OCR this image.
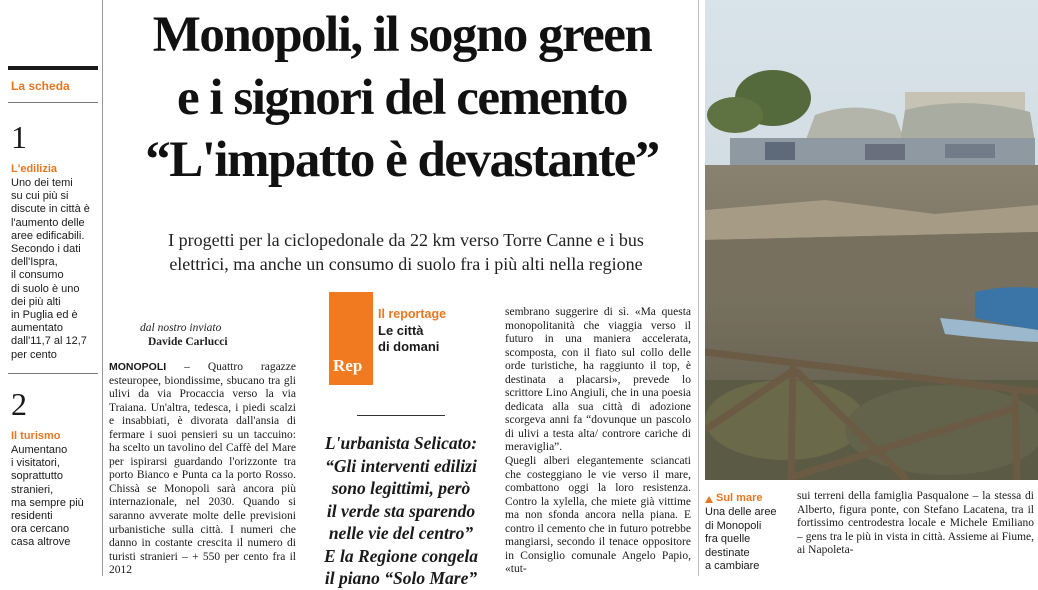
La scheda
1
L'edilizia
Uno dei temi
su cui più si
discute in città è
l'aumento delle
aree edificabili.
Secondo i dati
dell'Ispra,
il consumo
di suolo è uno
dei più alti
in Puglia ed è
aumentato
dall'11,7 al 12,7
per cento
2
Il turismo
Aumentano
i visitatori,
soprattutto
stranieri,
ma sempre più
residenti
ora cercano
casa altrove
Monopoli, il sogno green
e i signori del cemento
“L'impatto è devastante”
I progetti per la ciclopedonale da 22 km verso Torre Canne e i bus
elettrici, ma anche un consumo di suolo fra i più alti nella regione
dal nostro inviato
Davide Carlucci
MONOPOLI – Quattro ragazze esteuropee, biondissime, sbucano tra gli ulivi da via Procaccia verso la via Traiana. Un'altra, tedesca, i piedi scalzi e insabbiati, è divorata dall'ansia di fermare i suoi pensieri su un taccuino: ha scelto un tavolino del Caffè del Mare per ispirarsi guardando l'orizzonte tra porto Bianco e Punta ca la porto Rosso. Chissà se Monopoli sarà ancora più internazionale, nel 2030. Quando si saranno avverate molte delle previsioni urbanistiche sulla città. I numeri che danno in costante crescita il numero di turisti stranieri – + 550 per cento fra il 2012
Rep
Il reportage
Le città
di domani
L'urbanista Selicato:
“Gli interventi edilizi
sono legittimi, però
il verde sta sparendo
nelle vie del centro”
E la Regione congela
il piano “Solo Mare”
sembrano suggerire di sì. «Ma questa monopolitanità che viaggia verso il futuro in una maniera accelerata, scomposta, con il fiato sul collo delle orde turistiche, ha raggiunto il top, è destinata a placarsi», prevede lo scrittore Lino Angiuli, che in una poesia dedicata alla sua città di adozione scorgeva anni fa “dovunque un pascolo di ulivi a testa alta/ controre cariche di meraviglia”.
Quegli alberi elegantemente sciancati che costeggiano le vie verso il mare, combattono oggi la loro resistenza. Contro la xylella, che miete già vittime ma non sfonda ancora nella piana. E contro il cemento che in futuro potrebbe mangiarsi, secondo il tenace oppositore in Consiglio comunale Angelo Papio, «tut-
Sul mare
Una delle aree
di Monopoli
fra quelle
destinate
a cambiare
sui terreni della famiglia Pasqualone – la stessa di Alberto, figura ponte, con Stefano Lacatena, tra il fortissimo centrodestra locale e Michele Emiliano – gens tra le più in vista in città. Assieme ai Fiume, ai Napoleta-
